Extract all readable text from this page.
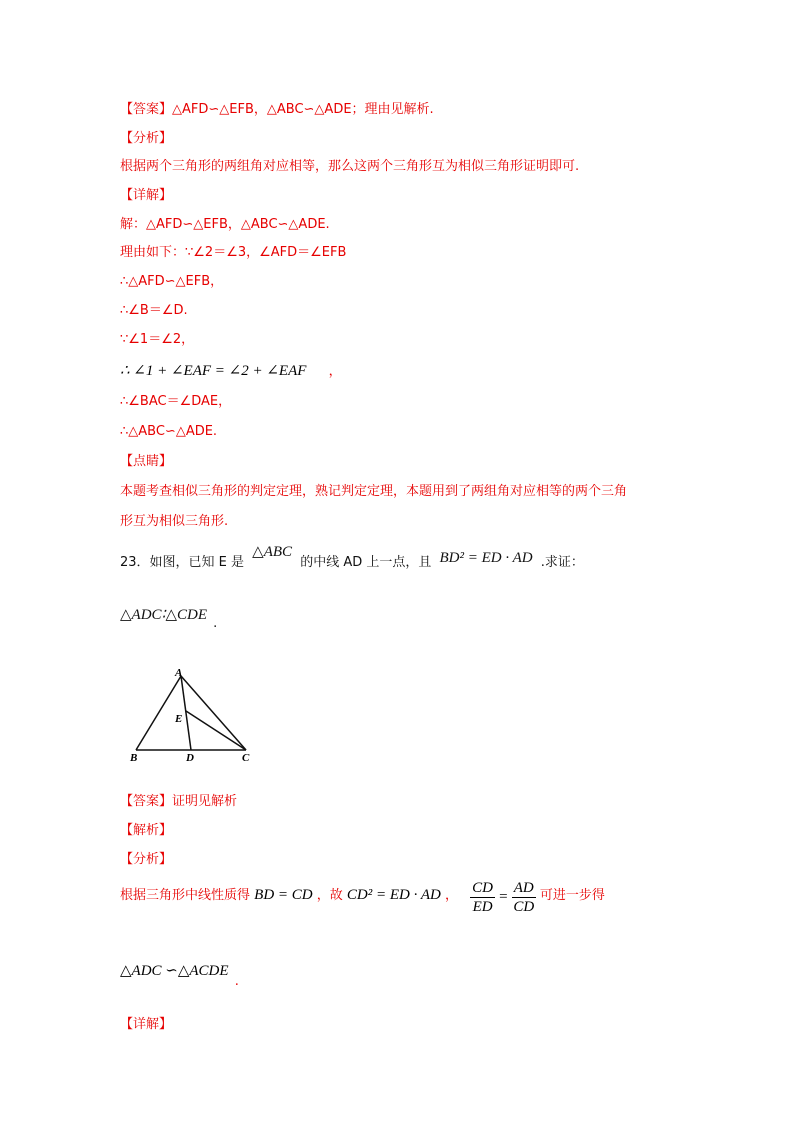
【答案】△AFD∽△EFB，△ABC∽△ADE；理由见解析.
【分析】
根据两个三角形的两组角对应相等，那么这两个三角形互为相似三角形证明即可.
【详解】
解：△AFD∽△EFB，△ABC∽△ADE.
理由如下：∵∠2＝∠3，∠AFD＝∠EFB
∴△AFD∽△EFB，
∴∠B＝∠D.
∵∠1＝∠2，
∴ ∠1 + ∠EAF = ∠2 + ∠EAF ，
∴∠BAC＝∠DAE，
∴△ABC∽△ADE.
【点睛】
本题考查相似三角形的判定定理，熟记判定定理，本题用到了两组角对应相等的两个三角
形互为相似三角形.
23．如图，已知 E 是 △ABC 的中线 AD 上一点，且 BD² = ED · AD .求证：
△ADC∶△CDE .
A
E
B	D	C
【答案】证明见解析
【解析】
【分析】
根据三角形中线性质得 BD = CD ，故 CD² = ED · AD ， $\frac{CD}{ED} = \frac{AD}{CD}$ 可进一步得
△ADC ∽△ACDE .
【详解】
